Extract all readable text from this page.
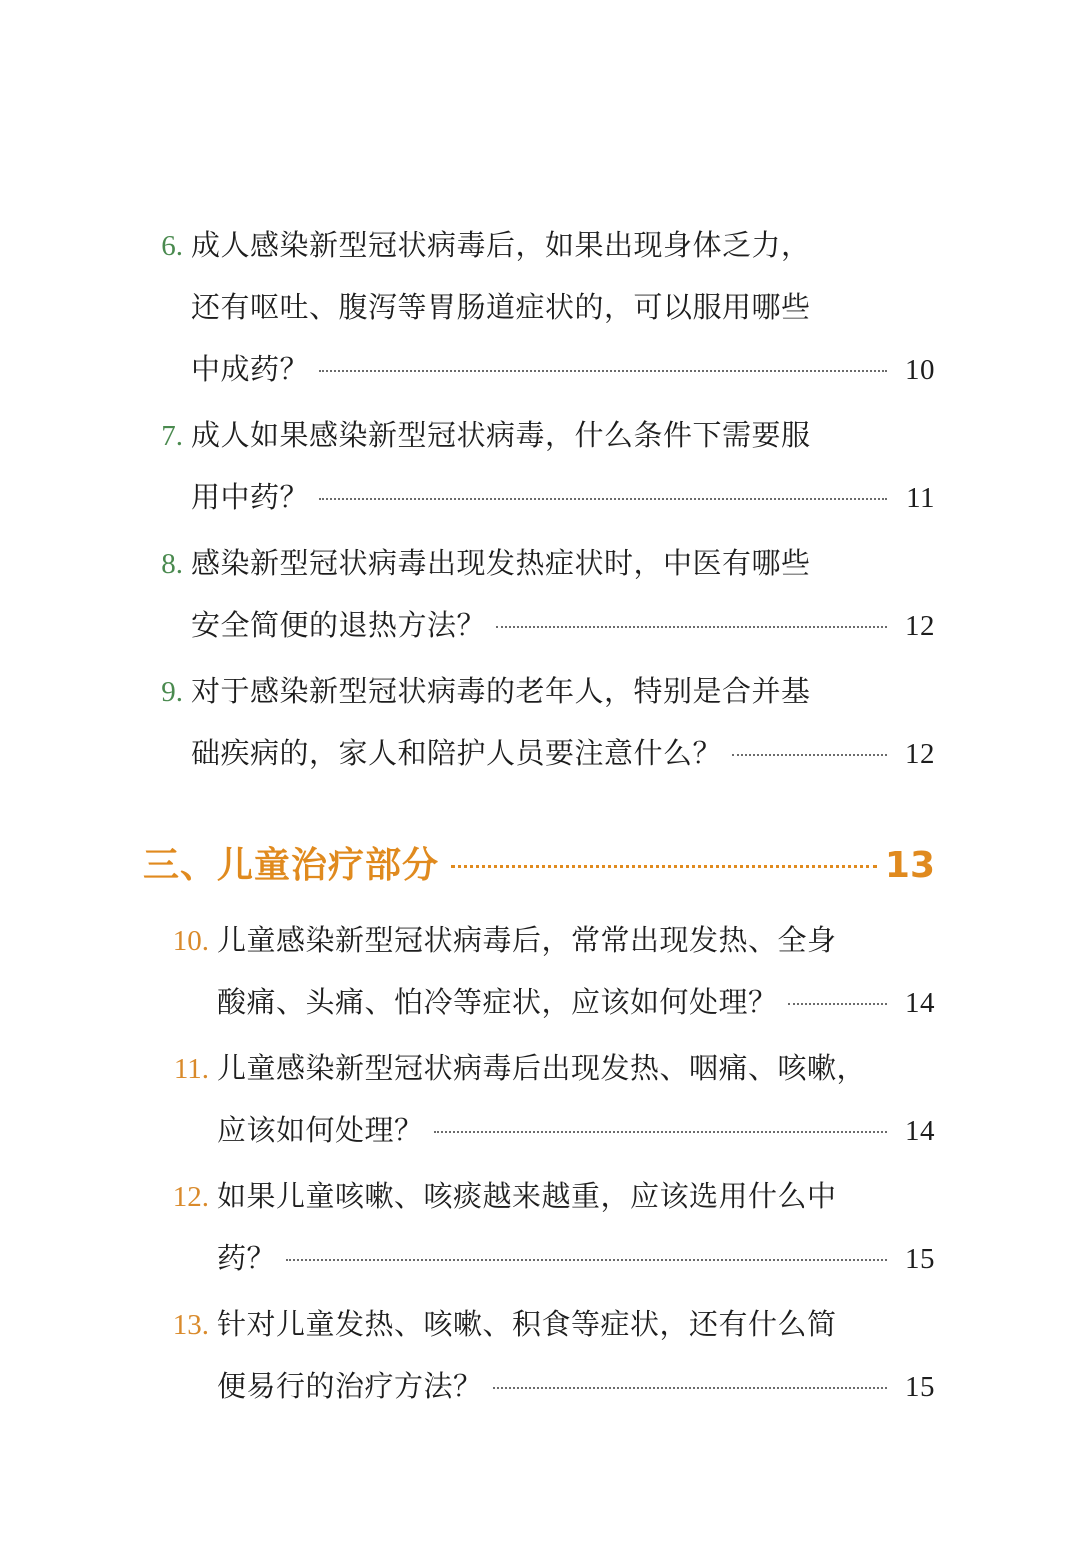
6. 成人感染新型冠状病毒后，如果出现身体乏力，
还有呕吐、腹泻等胃肠道症状的，可以服用哪些
中成药？	10
7. 成人如果感染新型冠状病毒，什么条件下需要服
用中药？	11
8. 感染新型冠状病毒出现发热症状时，中医有哪些
安全简便的退热方法？	12
9. 对于感染新型冠状病毒的老年人，特别是合并基
础疾病的，家人和陪护人员要注意什么？	12
三、儿童治疗部分	13
10. 儿童感染新型冠状病毒后，常常出现发热、全身
酸痛、头痛、怕冷等症状，应该如何处理？	14
11. 儿童感染新型冠状病毒后出现发热、咽痛、咳嗽，
应该如何处理？	14
12. 如果儿童咳嗽、咳痰越来越重，应该选用什么中
药？	15
13. 针对儿童发热、咳嗽、积食等症状，还有什么简
便易行的治疗方法？	15
